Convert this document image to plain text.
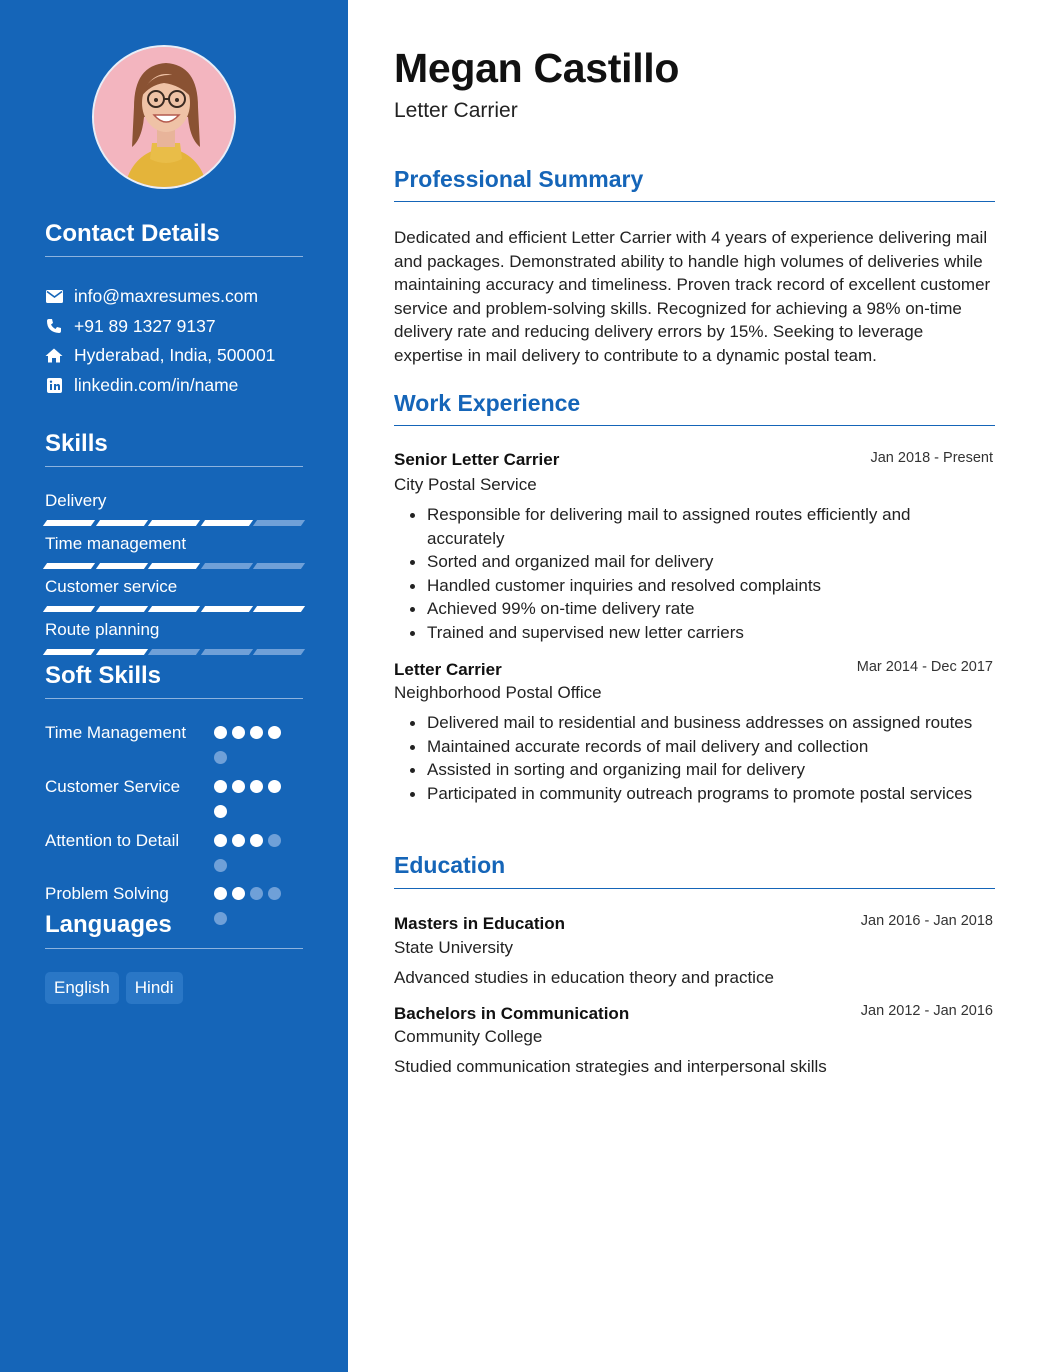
Contact Details
info@maxresumes.com
+91 89 1327 9137
Hyderabad, India, 500001
linkedin.com/in/name
Skills
Delivery
Time management
Customer service
Route planning
Soft Skills
Time Management
Customer Service
Attention to Detail
Problem Solving
Languages
English	Hindi
Megan Castillo
Letter Carrier
Professional Summary

Dedicated and efficient Letter Carrier with 4 years of experience delivering mail and packages. Demonstrated ability to handle high volumes of deliveries while maintaining accuracy and timeliness. Proven track record of excellent customer service and problem-solving skills. Recognized for achieving a 98% on-time delivery rate and reducing delivery errors by 15%. Seeking to leverage expertise in mail delivery to contribute to a dynamic postal team.

Work Experience
Senior Letter Carrier	Jan 2018 - Present
City Postal Service
Responsible for delivering mail to assigned routes efficiently and accurately
Sorted and organized mail for delivery
Handled customer inquiries and resolved complaints
Achieved 99% on-time delivery rate
Trained and supervised new letter carriers
Letter Carrier	Mar 2014 - Dec 2017
Neighborhood Postal Office
Delivered mail to residential and business addresses on assigned routes
Maintained accurate records of mail delivery and collection
Assisted in sorting and organizing mail for delivery
Participated in community outreach programs to promote postal services
Education
Masters in Education	Jan 2016 - Jan 2018
State University
Advanced studies in education theory and practice
Bachelors in Communication	Jan 2012 - Jan 2016
Community College
Studied communication strategies and interpersonal skills
